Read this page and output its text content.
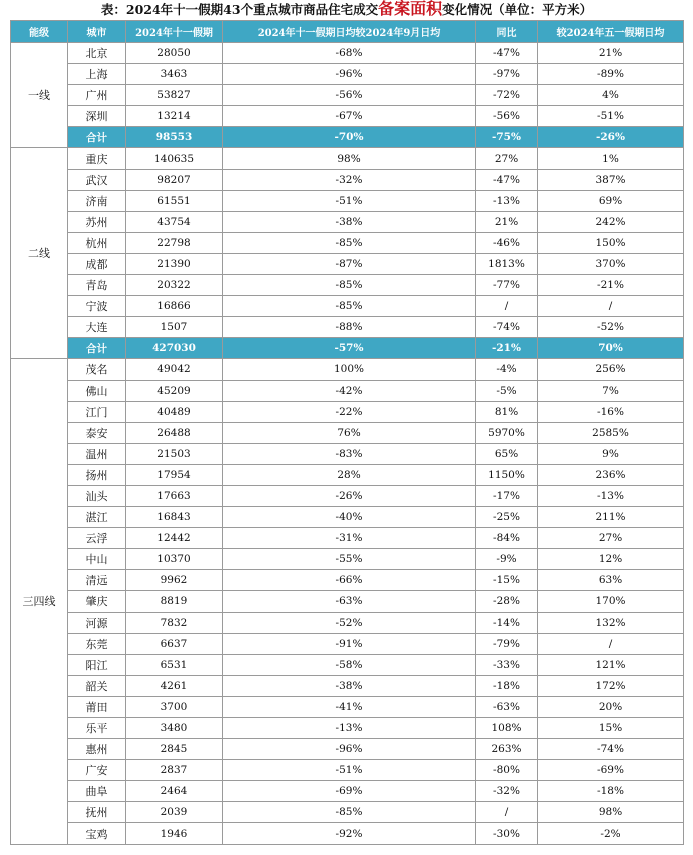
表：2024年十一假期43个重点城市商品住宅成交备案面积变化情况（单位：平方米）
能级	城市	2024年十一假期	2024年十一假期日均较2024年9月日均	同比	较2024年五一假期日均
一线	北京	28050	-68%	-47%	21%
	上海	3463	-96%	-97%	-89%
	广州	53827	-56%	-72%	4%
	深圳	13214	-67%	-56%	-51%
	合计	98553	-70%	-75%	-26%
二线	重庆	140635	98%	27%	1%
	武汉	98207	-32%	-47%	387%
	济南	61551	-51%	-13%	69%
	苏州	43754	-38%	21%	242%
	杭州	22798	-85%	-46%	150%
	成都	21390	-87%	1813%	370%
	青岛	20322	-85%	-77%	-21%
	宁波	16866	-85%	/	/
	大连	1507	-88%	-74%	-52%
	合计	427030	-57%	-21%	70%
三四线	茂名	49042	100%	-4%	256%
	佛山	45209	-42%	-5%	7%
	江门	40489	-22%	81%	-16%
	泰安	26488	76%	5970%	2585%
	温州	21503	-83%	65%	9%
	扬州	17954	28%	1150%	236%
	汕头	17663	-26%	-17%	-13%
	湛江	16843	-40%	-25%	211%
	云浮	12442	-31%	-84%	27%
	中山	10370	-55%	-9%	12%
	清远	9962	-66%	-15%	63%
	肇庆	8819	-63%	-28%	170%
	河源	7832	-52%	-14%	132%
	东莞	6637	-91%	-79%	/
	阳江	6531	-58%	-33%	121%
	韶关	4261	-38%	-18%	172%
	莆田	3700	-41%	-63%	20%
	乐平	3480	-13%	108%	15%
	惠州	2845	-96%	263%	-74%
	广安	2837	-51%	-80%	-69%
	曲阜	2464	-69%	-32%	-18%
	抚州	2039	-85%	/	98%
	宝鸡	1946	-92%	-30%	-2%
